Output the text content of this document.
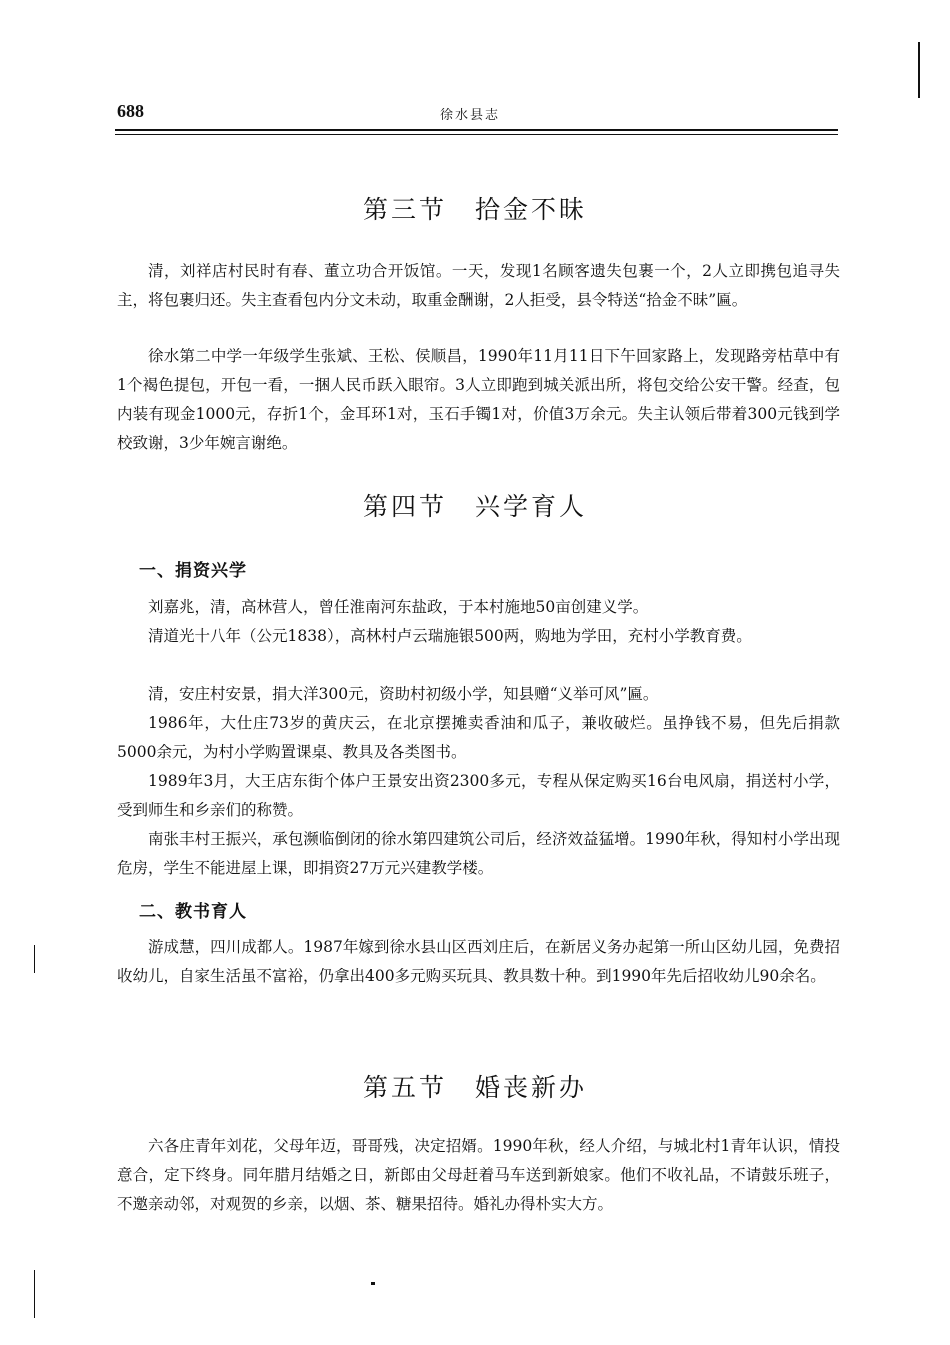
688	徐水县志
第三节 拾金不昧

清，刘祥店村民时有春、董立功合开饭馆。一天，发现1名顾客遗失包裹一个，2人立即携包追寻失主，将包裹归还。失主查看包内分文未动，取重金酬谢，2人拒受，县令特送“拾金不昧”匾。

徐水第二中学一年级学生张斌、王松、侯顺昌，1990年11月11日下午回家路上，发现路旁枯草中有1个褐色提包，开包一看，一捆人民币跃入眼帘。3人立即跑到城关派出所，将包交给公安干警。经查，包内装有现金1000元，存折1个，金耳环1对，玉石手镯1对，价值3万余元。失主认领后带着300元钱到学校致谢，3少年婉言谢绝。

第四节 兴学育人
一、捐资兴学

刘嘉兆，清，高林营人，曾任淮南河东盐政，于本村施地50亩创建义学。

清道光十八年（公元1838），高林村卢云瑞施银500两，购地为学田，充村小学教育费。

清，安庄村安景，捐大洋300元，资助村初级小学，知县赠“义举可风”匾。

1986年，大仕庄73岁的黄庆云，在北京摆摊卖香油和瓜子，兼收破烂。虽挣钱不易，但先后捐款5000余元，为村小学购置课桌、教具及各类图书。

1989年3月，大王店东街个体户王景安出资2300多元，专程从保定购买16台电风扇，捐送村小学，受到师生和乡亲们的称赞。

南张丰村王振兴，承包濒临倒闭的徐水第四建筑公司后，经济效益猛增。1990年秋，得知村小学出现危房，学生不能进屋上课，即捐资27万元兴建教学楼。

二、教书育人

游成慧，四川成都人。1987年嫁到徐水县山区西刘庄后，在新居义务办起第一所山区幼儿园，免费招收幼儿，自家生活虽不富裕，仍拿出400多元购买玩具、教具数十种。到1990年先后招收幼儿90余名。

第五节 婚丧新办

六各庄青年刘花，父母年迈，哥哥残，决定招婿。1990年秋，经人介绍，与城北村1青年认识，情投意合，定下终身。同年腊月结婚之日，新郎由父母赶着马车送到新娘家。他们不收礼品，不请鼓乐班子，不邀亲动邻，对观贺的乡亲，以烟、茶、糖果招待。婚礼办得朴实大方。
